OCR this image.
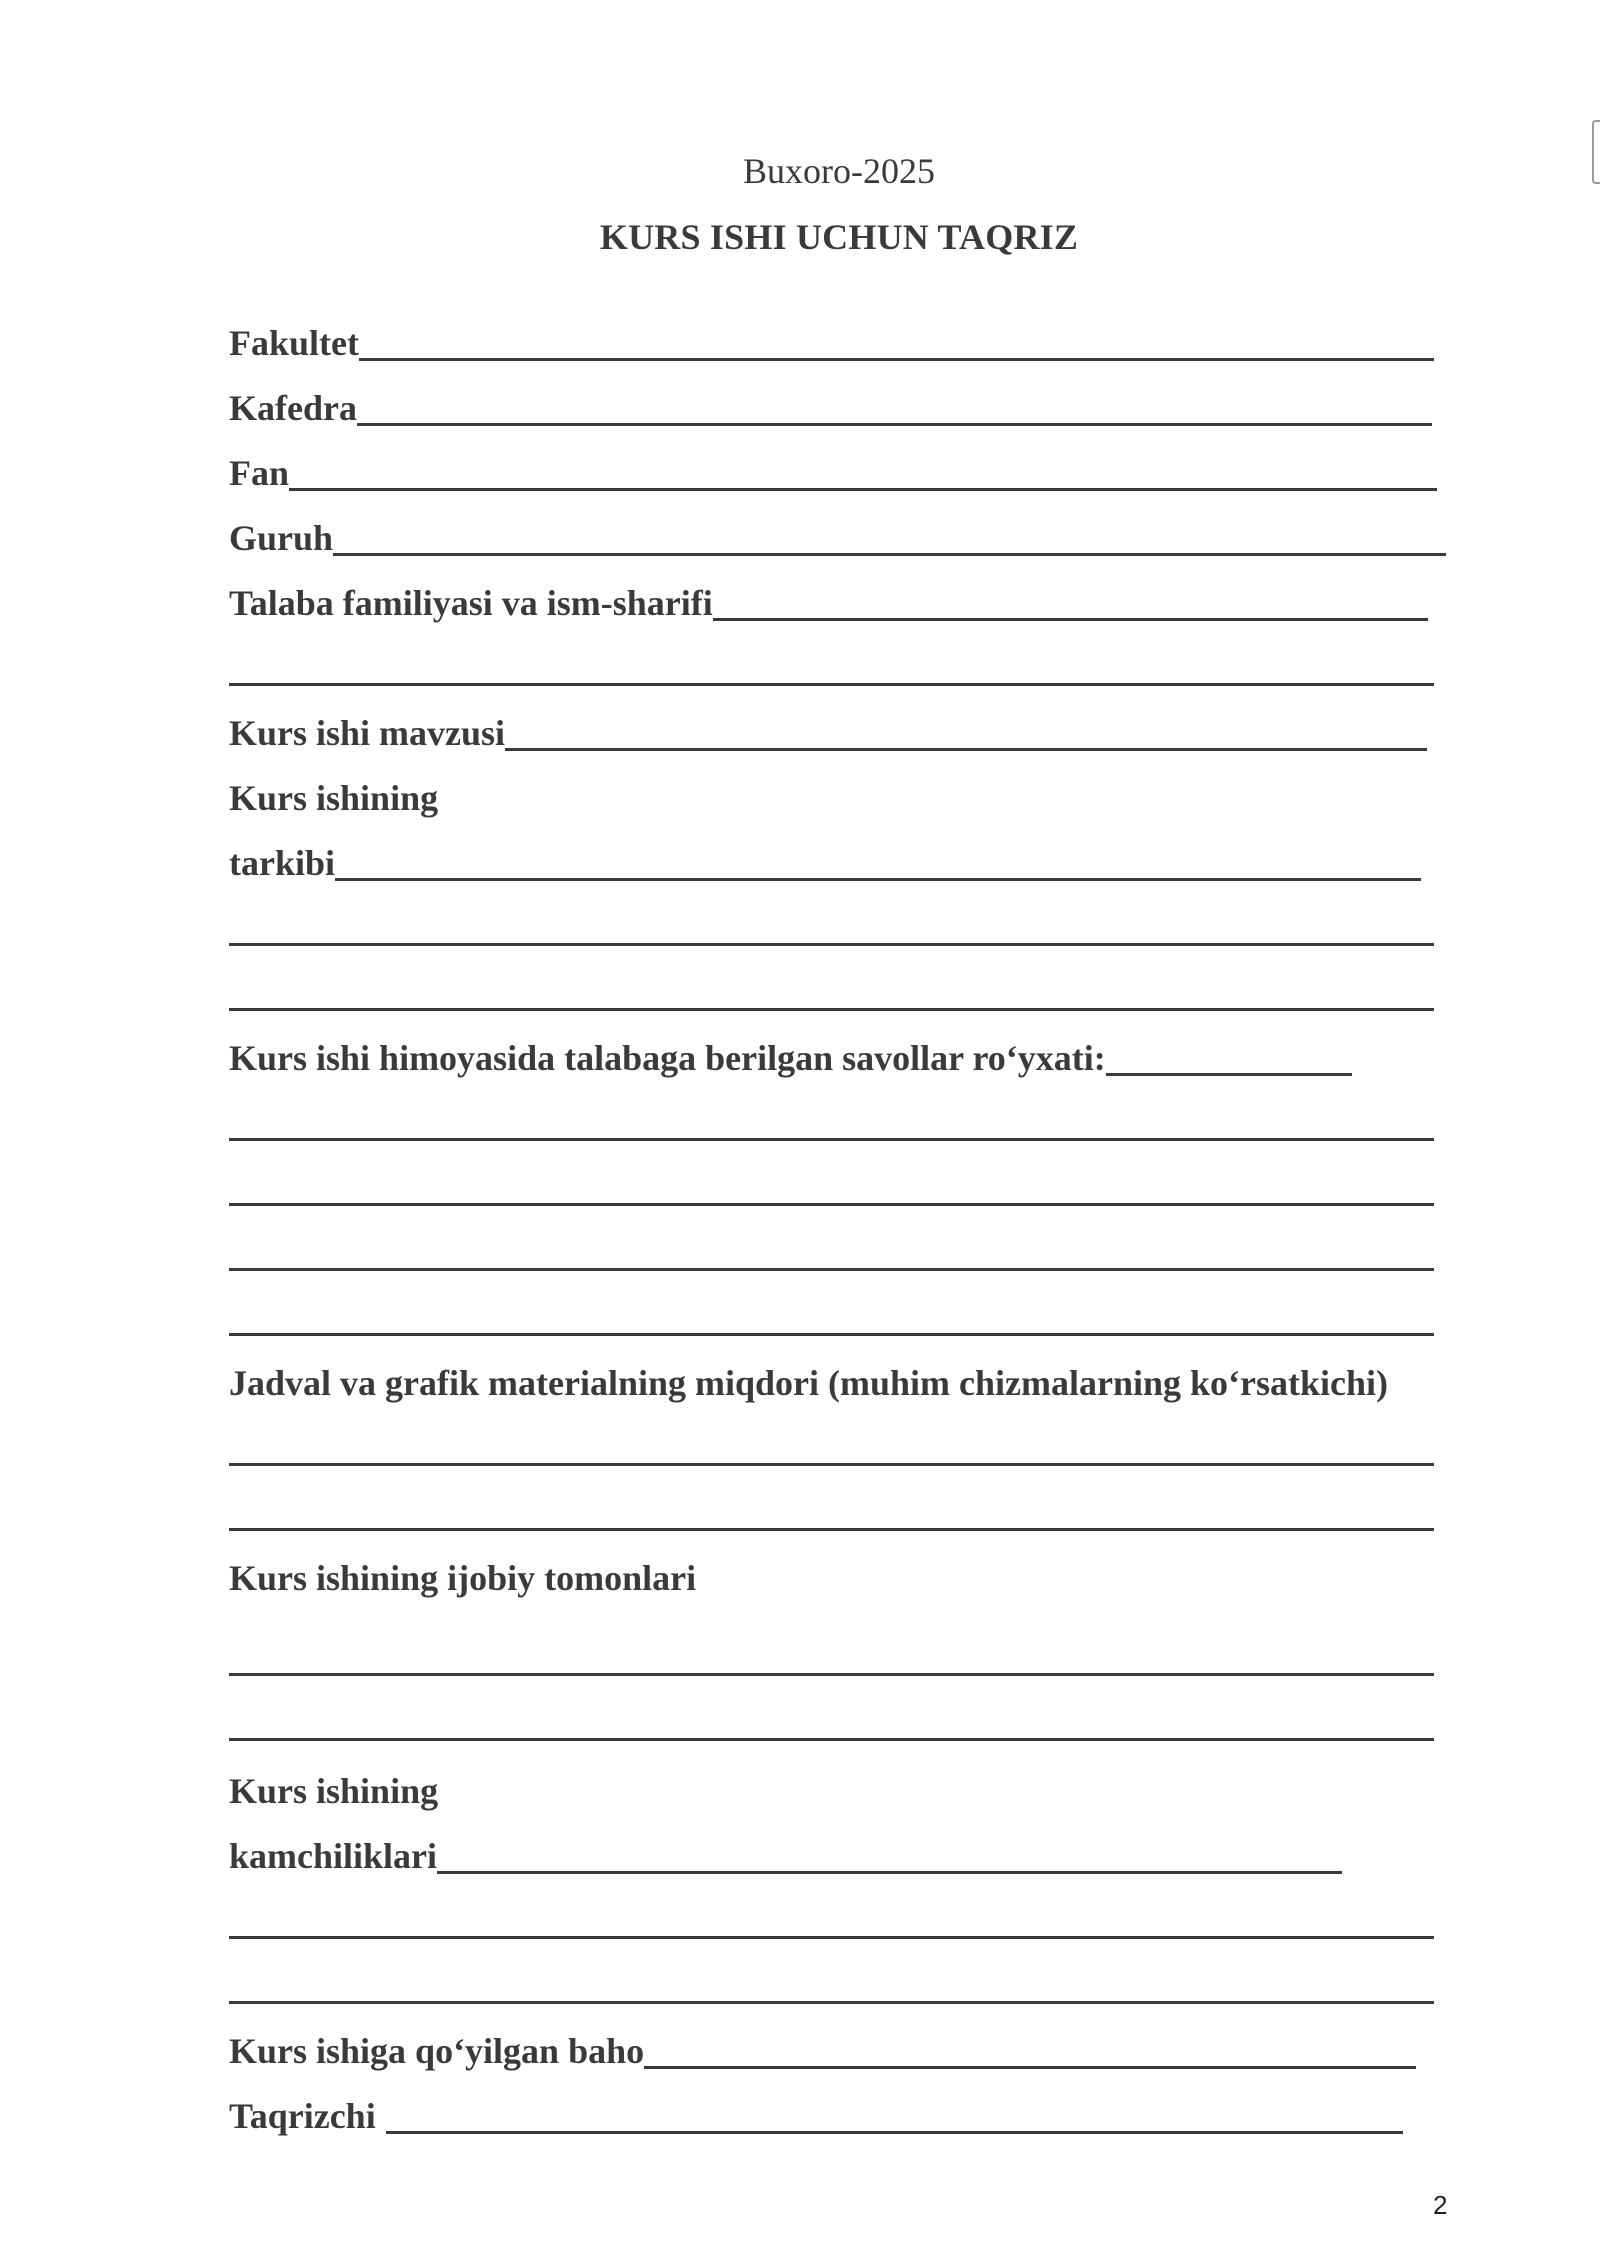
Buxoro-2025
KURS ISHI UCHUN TAQRIZ
Fakultet
Kafedra
Fan
Guruh
Talaba familiyasi va ism-sharifi
Kurs ishi mavzusi
Kurs ishining
tarkibi
Kurs ishi himoyasida talabaga berilgan savollar ro‘yxati:
Jadval va grafik materialning miqdori (muhim chizmalarning ko‘rsatkichi)
Kurs ishining ijobiy tomonlari
Kurs ishining
kamchiliklari
Kurs ishiga qo‘yilgan baho
Taqrizchi
2
